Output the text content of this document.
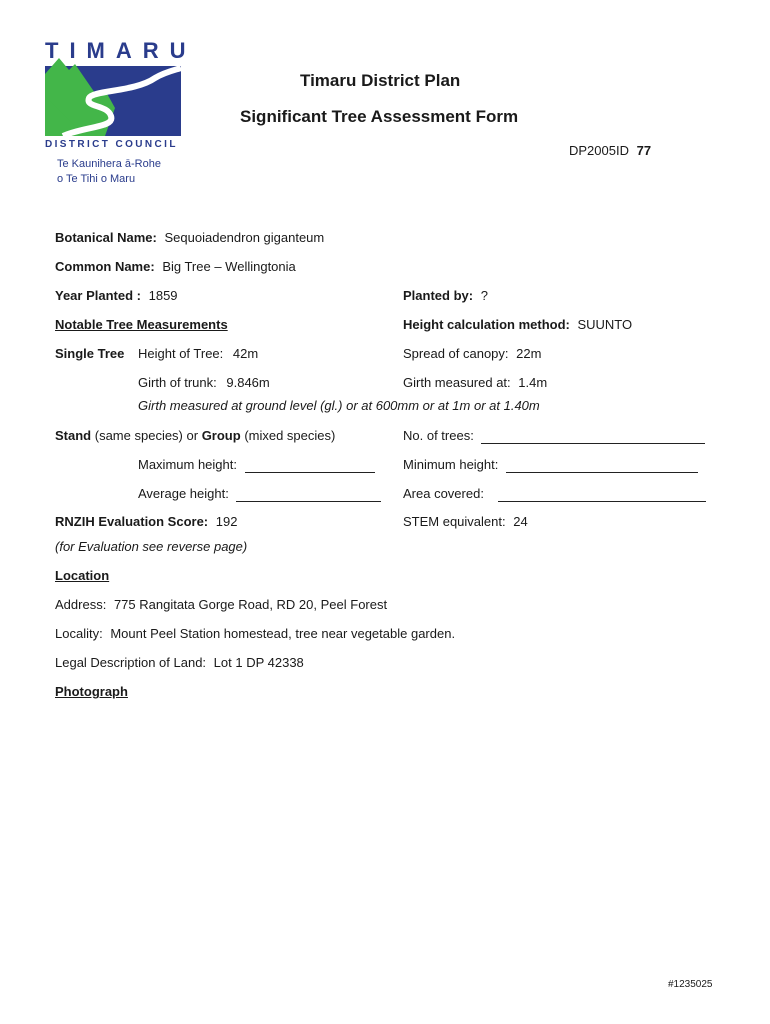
TIMARU
DISTRICT COUNCIL
Te Kaunihera ā-Rohe
o Te Tihi o Maru
Timaru District Plan
Significant Tree Assessment Form
DP2005ID 77
Botanical Name: Sequoiadendron giganteum
Common Name: Big Tree – Wellingtonia
Year Planted : 1859	Planted by: ?
Notable Tree Measurements	Height calculation method: SUUNTO
Single Tree Height of Tree: 42m	Spread of canopy: 22m
Girth of trunk: 9.846m	Girth measured at: 1.4m
Girth measured at ground level (gl.) or at 600mm or at 1m or at 1.40m
Stand (same species) or Group (mixed species)	No. of trees:
Maximum height:	Minimum height:
Average height:	Area covered:
RNZIH Evaluation Score: 192	STEM equivalent: 24
(for Evaluation see reverse page)
Location
Address: 775 Rangitata Gorge Road, RD 20, Peel Forest
Locality: Mount Peel Station homestead, tree near vegetable garden.
Legal Description of Land: Lot 1 DP 42338
Photograph
#1235025
